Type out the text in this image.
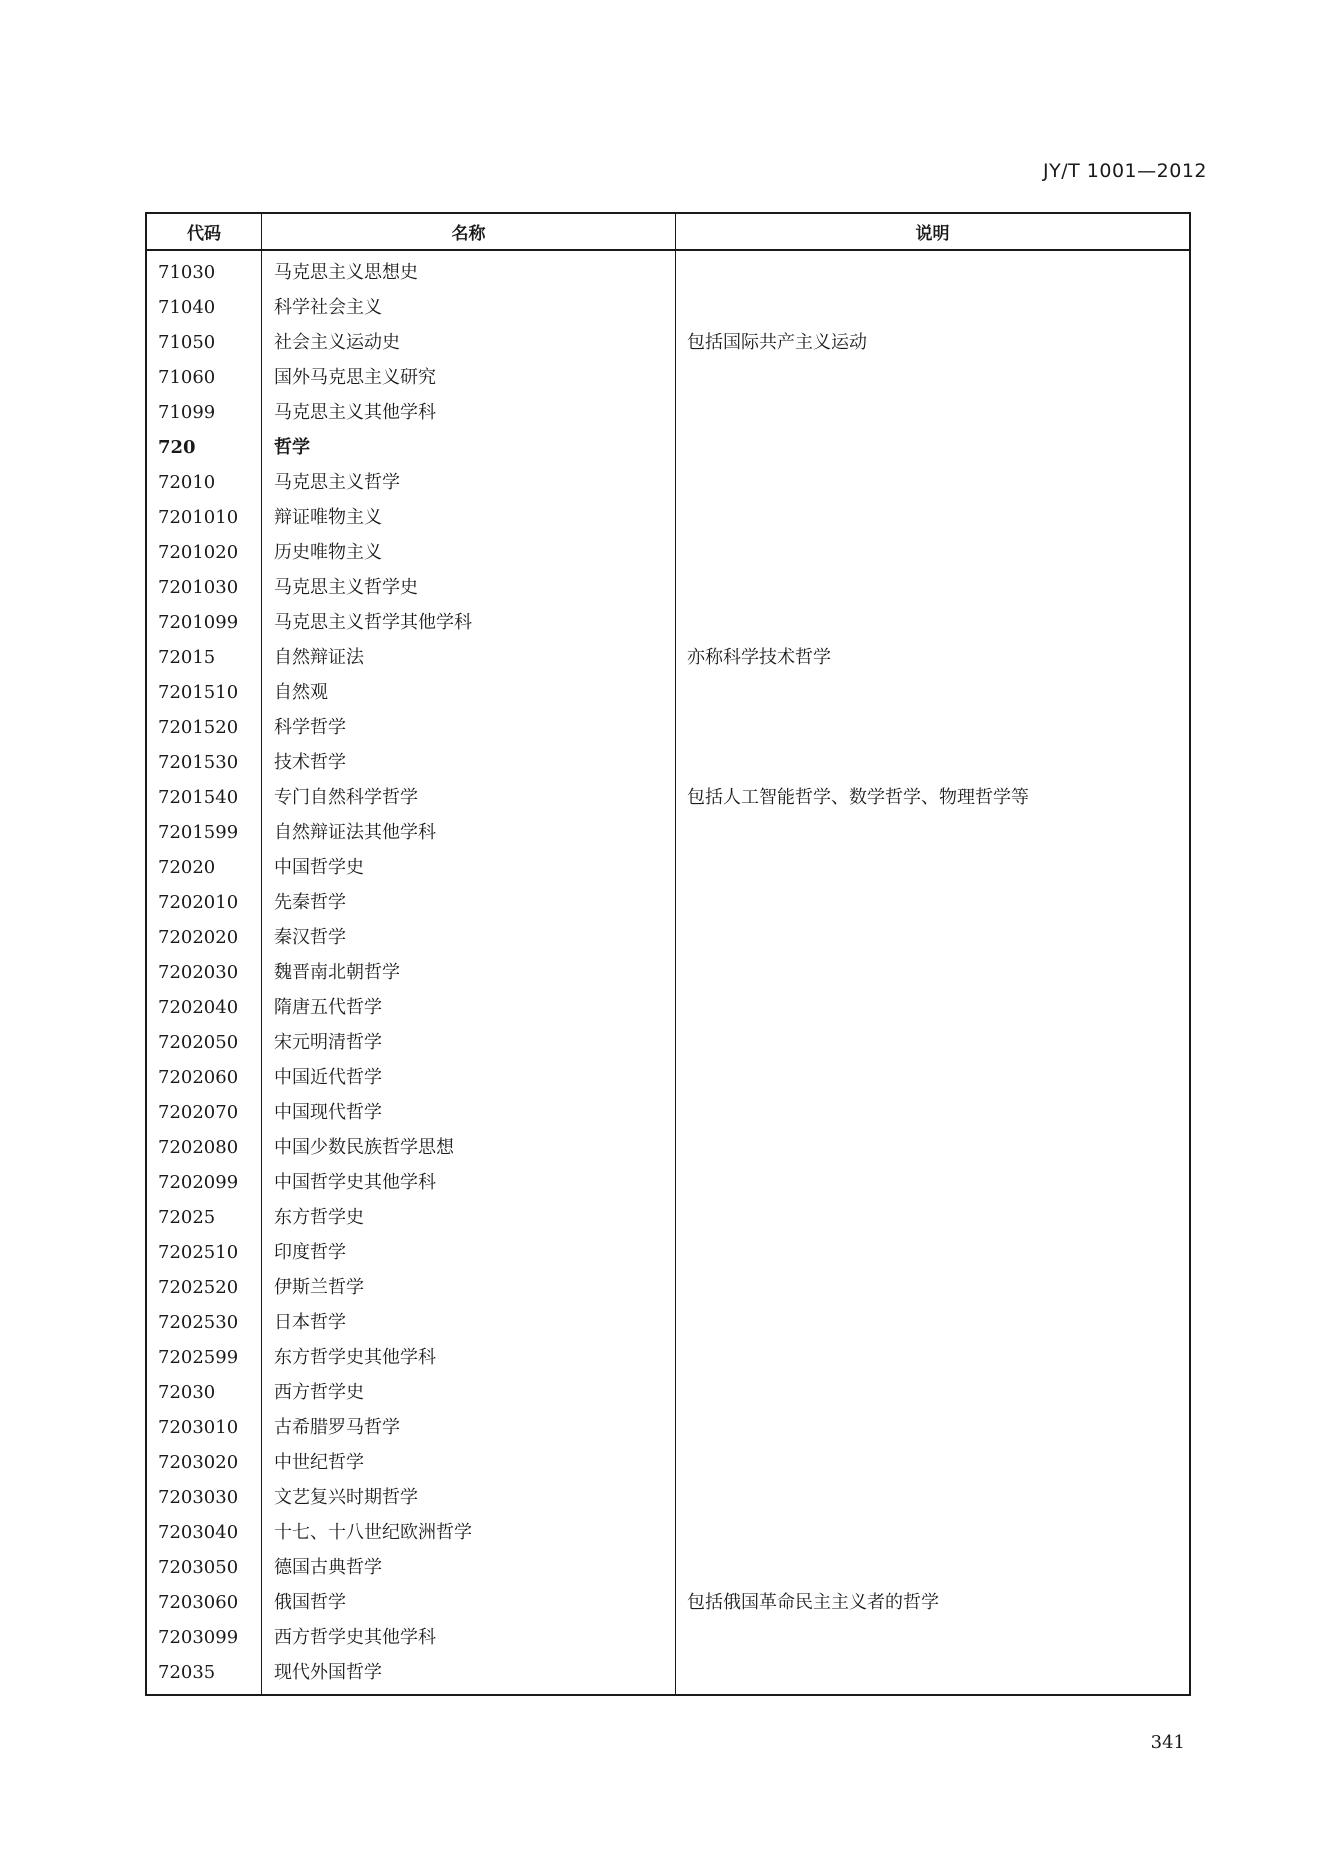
JY/T 1001—2012
代码	名称	说明
71030
71040
71050
71060
71099
720
72010
7201010
7201020
7201030
7201099
72015
7201510
7201520
7201530
7201540
7201599
72020
7202010
7202020
7202030
7202040
7202050
7202060
7202070
7202080
7202099
72025
7202510
7202520
7202530
7202599
72030
7203010
7203020
7203030
7203040
7203050
7203060
7203099
72035
马克思主义思想史
科学社会主义
社会主义运动史
国外马克思主义研究
马克思主义其他学科
哲学
马克思主义哲学
辩证唯物主义
历史唯物主义
马克思主义哲学史
马克思主义哲学其他学科
自然辩证法
自然观
科学哲学
技术哲学
专门自然科学哲学
自然辩证法其他学科
中国哲学史
先秦哲学
秦汉哲学
魏晋南北朝哲学
隋唐五代哲学
宋元明清哲学
中国近代哲学
中国现代哲学
中国少数民族哲学思想
中国哲学史其他学科
东方哲学史
印度哲学
伊斯兰哲学
日本哲学
东方哲学史其他学科
西方哲学史
古希腊罗马哲学
中世纪哲学
文艺复兴时期哲学
十七、十八世纪欧洲哲学
德国古典哲学
俄国哲学
西方哲学史其他学科
现代外国哲学
包括国际共产主义运动
亦称科学技术哲学
包括人工智能哲学、数学哲学、物理哲学等
包括俄国革命民主主义者的哲学
341
